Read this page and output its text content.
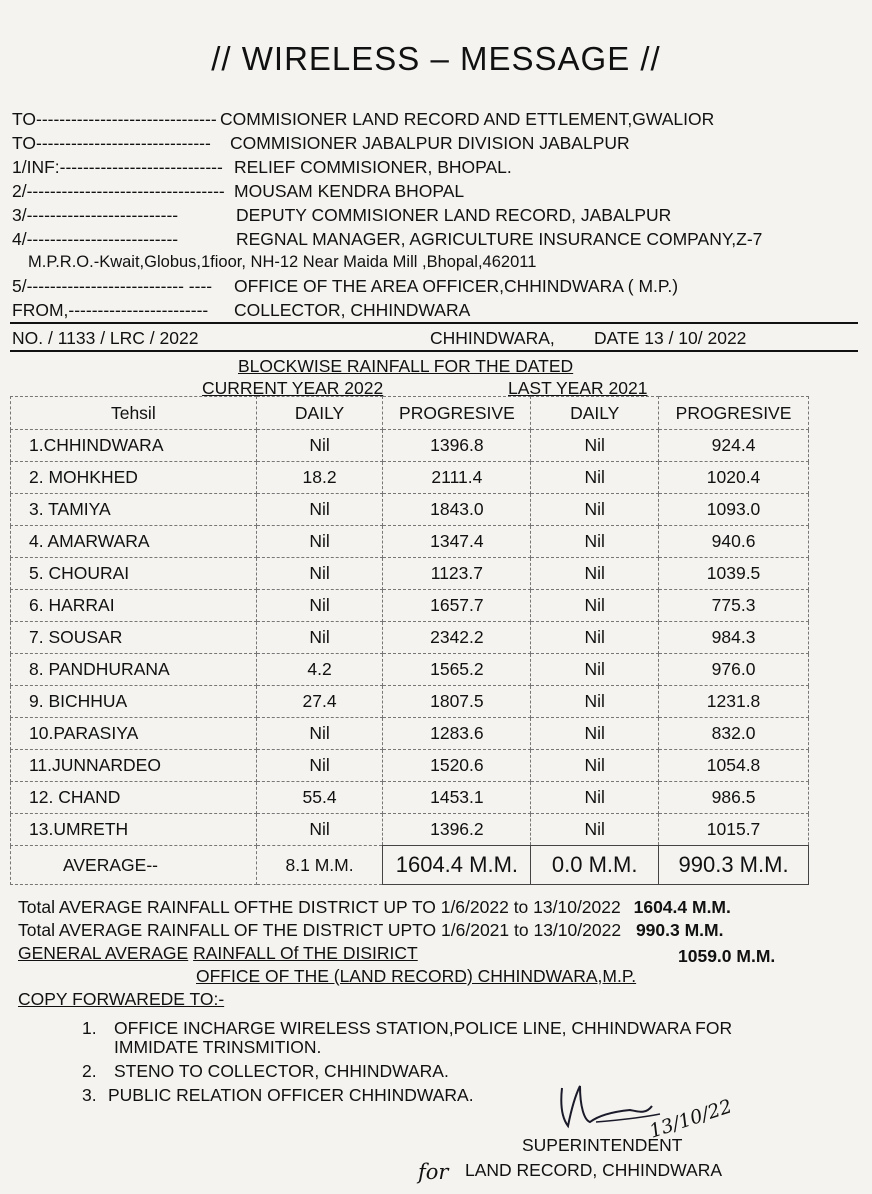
// WIRELESS – MESSAGE //
TO------------------------------- COMMISIONER LAND RECORD AND ETTLEMENT,GWALIOR
TO------------------------------ COMMISIONER JABALPUR DIVISION JABALPUR
1/INF:---------------------------- RELIEF COMMISIONER, BHOPAL.
2/---------------------------------- MOUSAM KENDRA BHOPAL
3/--------------------------	DEPUTY COMMISIONER LAND RECORD, JABALPUR
4/--------------------------	REGNAL MANAGER, AGRICULTURE INSURANCE COMPANY,Z-7
M.P.R.O.-Kwait,Globus,1fioor, NH-12 Near Maida Mill ,Bhopal,462011
5/--------------------------- ---- OFFICE OF THE AREA OFFICER,CHHINDWARA ( M.P.)
FROM,------------------------ COLLECTOR, CHHINDWARA
NO. / 1133 / LRC / 2022	CHHINDWARA, DATE 13 / 10/ 2022
BLOCKWISE RAINFALL FOR THE DATED
CURRENT YEAR 2022	LAST YEAR 2021
Tehsil	DAILY	PROGRESIVE	DAILY	PROGRESIVE
1.CHHINDWARA	Nil	1396.8	Nil	924.4
2. MOHKHED	18.2	2111.4	Nil	1020.4
3. TAMIYA	Nil	1843.0	Nil	1093.0
4. AMARWARA	Nil	1347.4	Nil	940.6
5. CHOURAI	Nil	1123.7	Nil	1039.5
6. HARRAI	Nil	1657.7	Nil	775.3
7. SOUSAR	Nil	2342.2	Nil	984.3
8. PANDHURANA	4.2	1565.2	Nil	976.0
9. BICHHUA	27.4	1807.5	Nil	1231.8
10.PARASIYA	Nil	1283.6	Nil	832.0
11.JUNNARDEO	Nil	1520.6	Nil	1054.8
12. CHAND	55.4	1453.1	Nil	986.5
13.UMRETH	Nil	1396.2	Nil	1015.7
AVERAGE--	8.1 M.M.	1604.4 M.M.	0.0 M.M.	990.3 M.M.
Total AVERAGE RAINFALL OFTHE DISTRICT UP TO 1/6/2022 to 13/10/2022 1604.4 M.M.
Total AVERAGE RAINFALL OF THE DISTRICT UPTO 1/6/2021 to 13/10/2022 990.3 M.M.
GENERAL AVERAGE RAINFALL Of THE DISIRICT	1059.0 M.M.
OFFICE OF THE (LAND RECORD) CHHINDWARA,M.P.
COPY FORWAREDE TO:-
1. OFFICE INCHARGE WIRELESS STATION,POLICE LINE, CHHINDWARA FOR
IMMIDATE TRINSMITION.
2. STENO TO COLLECTOR, CHHINDWARA.
3. PUBLIC RELATION OFFICER CHHINDWARA.
13/10/22
SUPERINTENDENT
for LAND RECORD, CHHINDWARA
